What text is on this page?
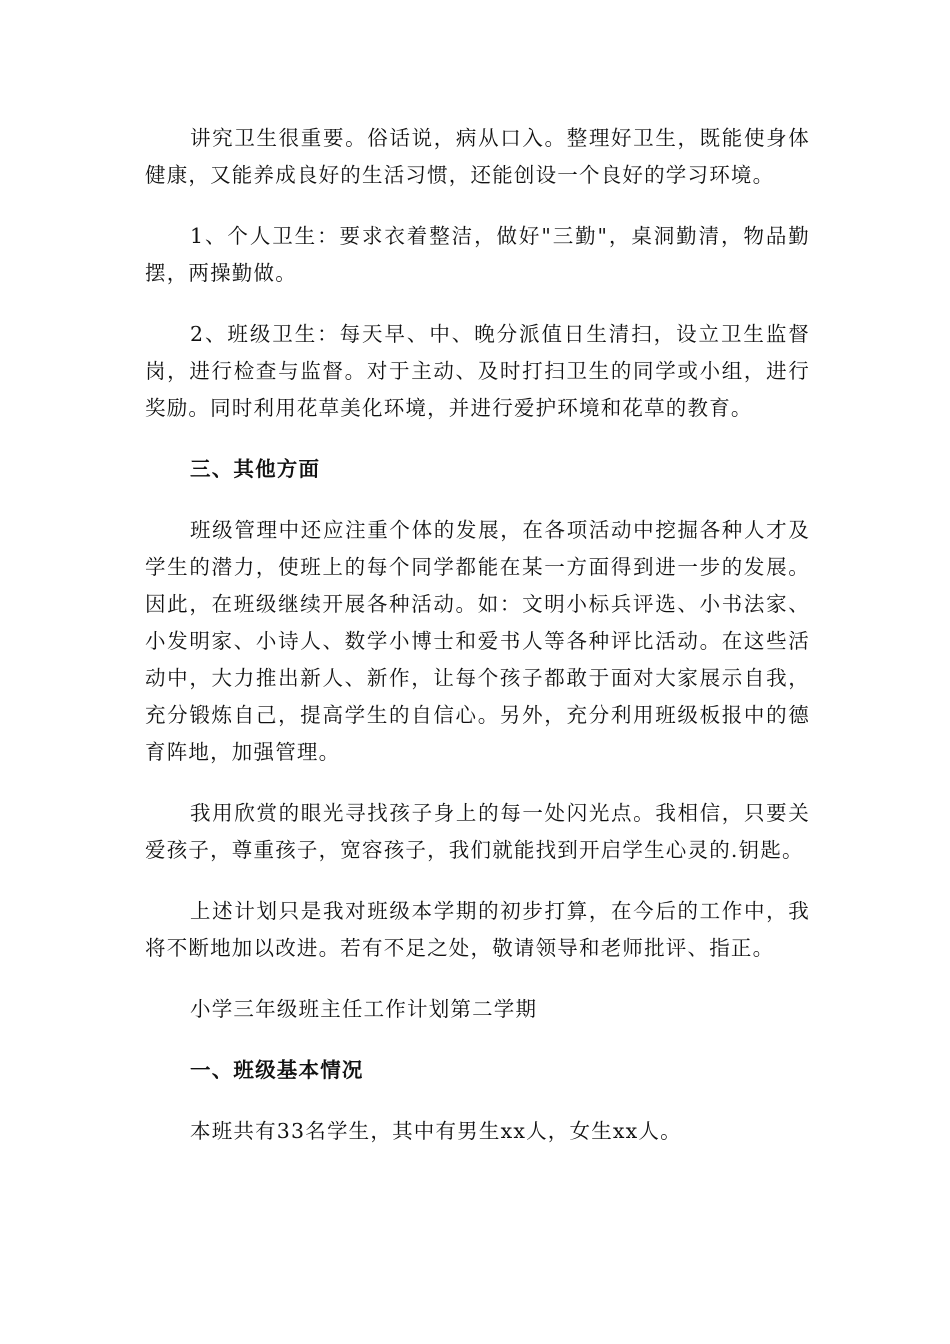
讲究卫生很重要。俗话说，病从口入。整理好卫生，既能使身体健康，又能养成良好的生活习惯，还能创设一个良好的学习环境。

1、个人卫生：要求衣着整洁，做好"三勤"，桌洞勤清，物品勤摆，两操勤做。

2、班级卫生：每天早、中、晚分派值日生清扫，设立卫生监督岗，进行检查与监督。对于主动、及时打扫卫生的同学或小组，进行奖励。同时利用花草美化环境，并进行爱护环境和花草的教育。

三、其他方面

班级管理中还应注重个体的发展，在各项活动中挖掘各种人才及学生的潜力，使班上的每个同学都能在某一方面得到进一步的发展。因此，在班级继续开展各种活动。如：文明小标兵评选、小书法家、小发明家、小诗人、数学小博士和爱书人等各种评比活动。在这些活动中，大力推出新人、新作，让每个孩子都敢于面对大家展示自我，充分锻炼自己，提高学生的自信心。另外，充分利用班级板报中的德育阵地，加强管理。

我用欣赏的眼光寻找孩子身上的每一处闪光点。我相信，只要关爱孩子，尊重孩子，宽容孩子，我们就能找到开启学生心灵的.钥匙。

上述计划只是我对班级本学期的初步打算，在今后的工作中，我将不断地加以改进。若有不足之处，敬请领导和老师批评、指正。

小学三年级班主任工作计划第二学期

一、班级基本情况

本班共有33名学生，其中有男生xx人，女生xx人。
